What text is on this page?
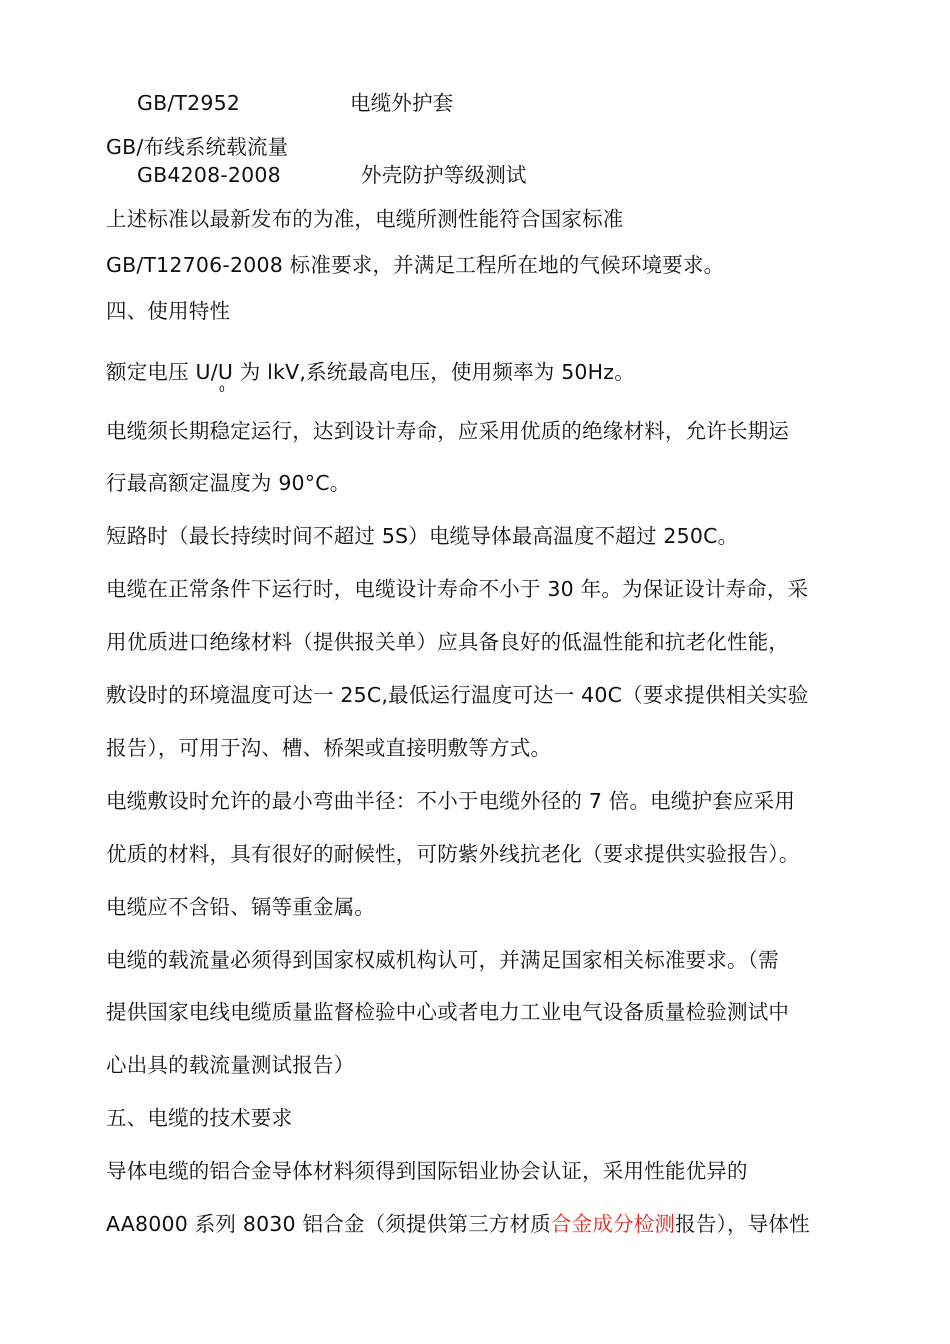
GB/T2952	电缆外护套
GB/布线系统载流量
GB4208-2008	外壳防护等级测试
上述标准以最新发布的为准，电缆所测性能符合国家标准
GB/T12706-2008 标准要求，并满足工程所在地的气候环境要求。
四、使用特性
额定电压 U/U 为 lkV,系统最高电压，使用频率为 50Hz。
0
电缆须长期稳定运行，达到设计寿命，应采用优质的绝缘材料，允许长期运
行最高额定温度为 90°C。
短路时（最长持续时间不超过 5S）电缆导体最高温度不超过 250C。
电缆在正常条件下运行时，电缆设计寿命不小于 30 年。为保证设计寿命，采
用优质进口绝缘材料（提供报关单）应具备良好的低温性能和抗老化性能，
敷设时的环境温度可达一 25C,最低运行温度可达一 40C（要求提供相关实验
报告），可用于沟、槽、桥架或直接明敷等方式。
电缆敷设时允许的最小弯曲半径：不小于电缆外径的 7 倍。电缆护套应采用
优质的材料，具有很好的耐候性，可防紫外线抗老化（要求提供实验报告）。
电缆应不含铅、镉等重金属。
电缆的载流量必须得到国家权威机构认可，并满足国家相关标准要求。（需
提供国家电线电缆质量监督检验中心或者电力工业电气设备质量检验测试中
心出具的载流量测试报告）
五、电缆的技术要求
导体电缆的铝合金导体材料须得到国际铝业协会认证，采用性能优异的
AA8000 系列 8030 铝合金（须提供第三方材质合金成分检测报告），导体性
